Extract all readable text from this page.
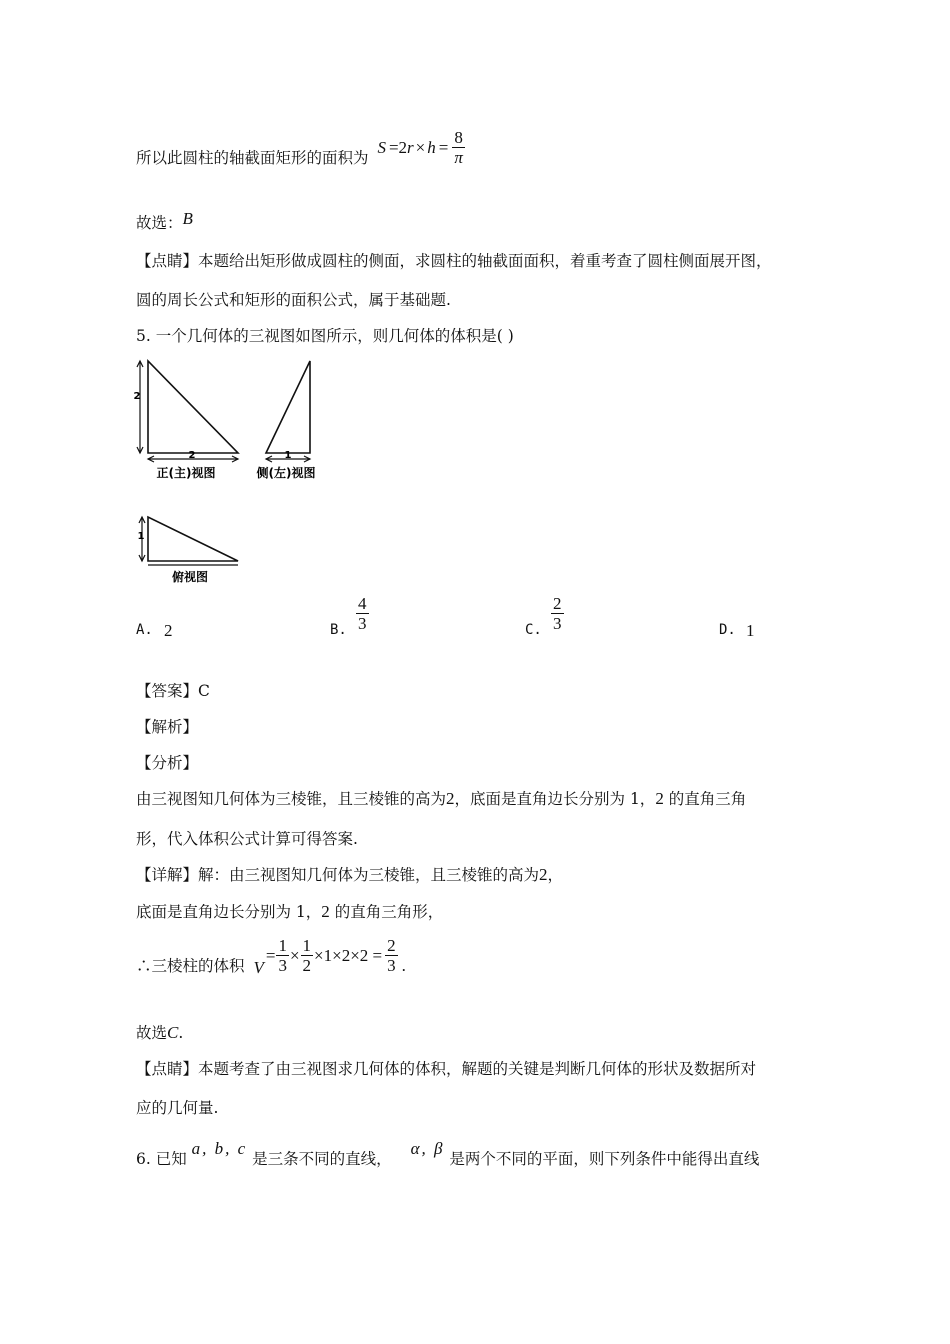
所以此圆柱的轴截面矩形的面积为
S =2 $r \times h = \frac{8}{\pi}$
故选：B
【点睛】本题给出矩形做成圆柱的侧面，求圆柱的轴截面面积，着重考查了圆柱侧面展开图，
圆的周长公式和矩形的面积公式，属于基础题.
5. 一个几何体的三视图如图所示，则几何体的体积是( )
2
2
正(主)视图
1
侧(左)视图
1
俯视图
A. 2	B. $\frac{4}{3}$	C. $\frac{2}{3}$	D. 1
【答案】C
【解析】
【分析】
由三视图知几何体为三棱锥，且三棱锥的高为2，底面是直角边长分别为 1，2 的直角三角
形，代入体积公式计算可得答案.
【详解】解：由三视图知几何体为三棱锥，且三棱锥的高为2，
底面是直角边长分别为 1，2 的直角三角形，
∴三棱柱的体积 V
= $\frac{1}{3} \times \frac{1}{2} \times 1\times 2\times 2 = \frac{2}{3}$ .
故选C.
【点睛】本题考查了由三视图求几何体的体积，解题的关键是判断几何体的形状及数据所对
应的几何量.
6. 已知 a, b, c 是三条不同的直线， α, β 是两个不同的平面，则下列条件中能得出直线
